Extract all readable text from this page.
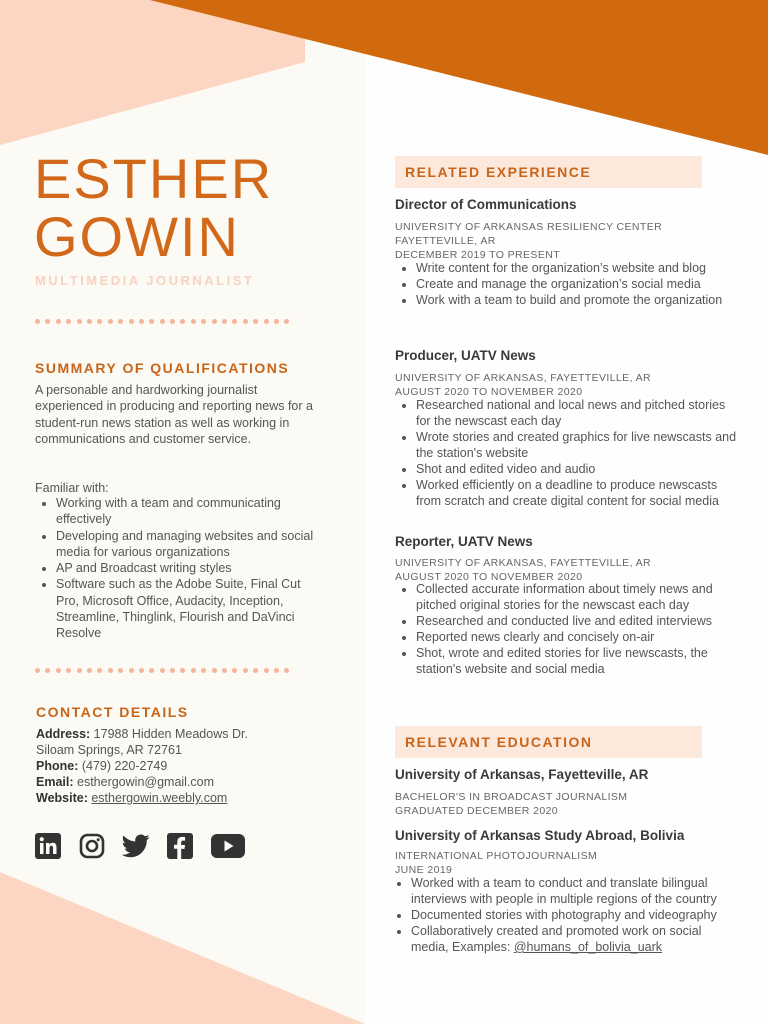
ESTHER
GOWIN
MULTIMEDIA JOURNALIST
SUMMARY OF QUALIFICATIONS
A personable and hardworking journalist experienced in producing and reporting news for a student-run news station as well as working in communications and customer service.
Familiar with:
• Working with a team and communicating effectively
• Developing and managing websites and social media for various organizations
• AP and Broadcast writing styles
• Software such as the Adobe Suite, Final Cut Pro, Microsoft Office, Audacity, Inception, Streamline, Thinglink, Flourish and DaVinci Resolve
CONTACT DETAILS
Address: 17988 Hidden Meadows Dr.
Siloam Springs, AR 72761
Phone: (479) 220-2749
Email: esthergowin@gmail.com
Website: esthergowin.weebly.com
RELATED EXPERIENCE
Director of Communications
UNIVERSITY OF ARKANSAS RESILIENCY CENTER
FAYETTEVILLE, AR
DECEMBER 2019 TO PRESENT
• Write content for the organization’s website and blog
• Create and manage the organization’s social media
• Work with a team to build and promote the organization
Producer, UATV News
UNIVERSITY OF ARKANSAS, FAYETTEVILLE, AR
AUGUST 2020 TO NOVEMBER 2020
• Researched national and local news and pitched stories for the newscast each day
• Wrote stories and created graphics for live newscasts and the station's website
• Shot and edited video and audio
• Worked efficiently on a deadline to produce newscasts from scratch and create digital content for social media
Reporter, UATV News
UNIVERSITY OF ARKANSAS, FAYETTEVILLE, AR
AUGUST 2020 TO NOVEMBER 2020
• Collected accurate information about timely news and pitched original stories for the newscast each day
• Researched and conducted live and edited interviews
• Reported news clearly and concisely on-air
• Shot, wrote and edited stories for live newscasts, the station's website and social media
RELEVANT EDUCATION
University of Arkansas, Fayetteville, AR
BACHELOR'S IN BROADCAST JOURNALISM
GRADUATED DECEMBER 2020
University of Arkansas Study Abroad, Bolivia
INTERNATIONAL PHOTOJOURNALISM
JUNE 2019
• Worked with a team to conduct and translate bilingual interviews with people in multiple regions of the country
• Documented stories with photography and videography
• Collaboratively created and promoted work on social media, Examples: @humans_of_bolivia_uark
